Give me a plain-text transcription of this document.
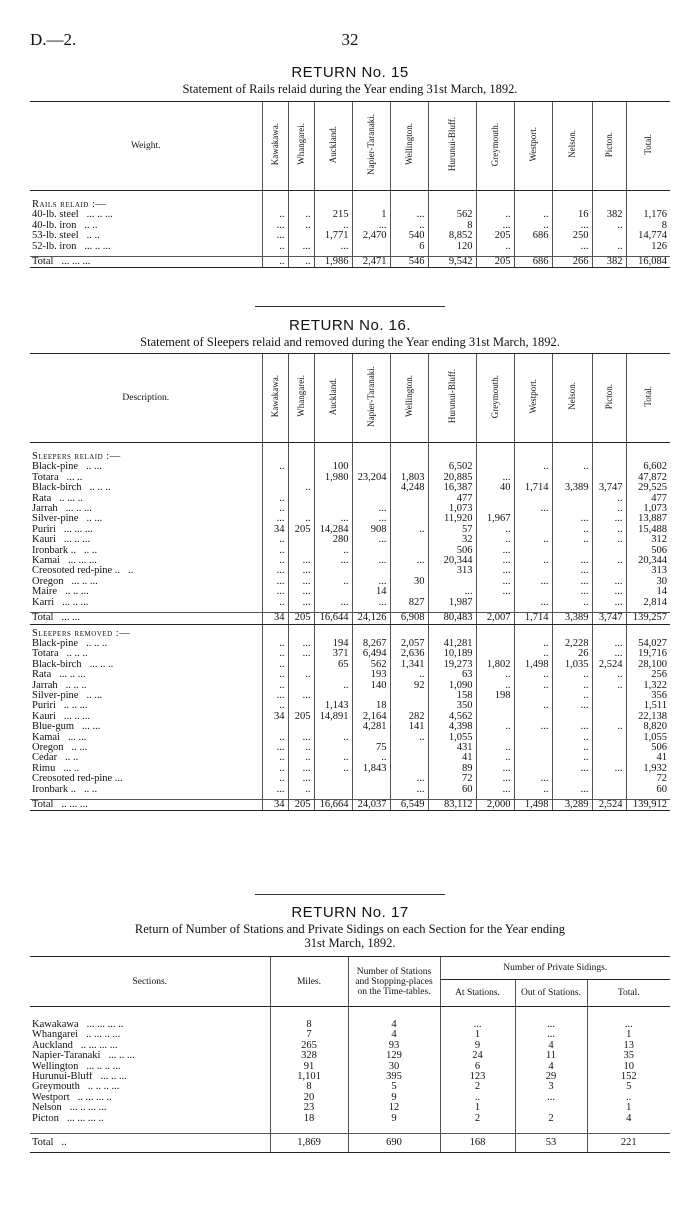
D.—2.	32
RETURN No. 15
Statement of Rails relaid during the Year ending 31st March, 1892.
Weight.	Kawakawa.	Whangarei.	Auckland.	Napier-Taranaki.	Wellington.	Hurunui-Bluff.	Greymouth.	Westport.	Nelson.	Picton.	Total.

Rails relaid :—											
40-lb. steel ... .. ...	..	..	215	1	...	562	..	..	16	382	1,176
40-lb. iron .. ..	...	..	..	...	..	8	...	..	...	..	8
53-lb. steel .. ..	...		1,771	2,470	540	8,852	205	686	250		14,774
52-lb. iron ... .. ...	..	...	...		6	120	..		...	..	126

Total ... ... ...	..	..	1,986	2,471	546	9,542	205	686	266	382	16,084
RETURN No. 16.
Statement of Sleepers relaid and removed during the Year ending 31st March, 1892.
Description.	Kawakawa.	Whangarei.	Auckland.	Napier-Taranaki.	Wellington.	Hurunui-Bluff.	Greymouth.	Westport.	Nelson.	Picton.	Total.

Sleepers relaid :—											
Black-pine .. ...	..		100			6,502		..	..		6,602
Totara ... ..			1,980	23,204	1,803	20,885	...				47,872
Black-birch .. .. ..		..			4,248	16,387	40	1,714	3,389	3,747	29,525
Rata .. ... ..	..					477				..	477
Jarrah ... .. ...	..			...		1,073		...		..	1,073
Silver-pine .. ...	...	..	...	...		11,920	1,967		...	...	13,887
Puriri ... ... ...	34	205	14,284	908	..	57	..		..	..	15,488
Kauri ... .. ...	..		280	...		32	..	..	..	..	312
Ironbark .. .. ..	..		..			506	...				506
Kamai ... ... ...	..	...	...	...	...	20,344	...	..	...	..	20,344
Creosoted red-pine .. ..	...	...				313	...		...		313
Oregon ... .. ...	...	...	..	...	30		...	...	...	...	30
Maire .. .. ...	...	...		14		...	...		...	...	14
Karri ... .. ...	..	...	...	...	827	1,987		...	..	...	2,814

Total ... ...	34	205	16,644	24,126	6,908	80,483	2,007	1,714	3,389	3,747	139,257

Sleepers removed :—											
Black-pine .. .. ..	..	...	194	8,267	2,057	41,281		..	2,228	...	54,027
Totara .. .. ..	..	...	371	6,494	2,636	10,189		..	26	...	19,716
Black-birch ... .. ..	..		65	562	1,341	19,273	1,802	1,498	1,035	2,524	28,100
Rata ... .. ...	..	..		193	..	63	..	..	..	..	256
Jarrah .. .. ..	..		..	140	92	1,090	..	..	..	..	1,322
Silver-pine .. ...	...	...				158	198		..		356
Puriri .. .. ...	..		1,143	18		350		..	...		1,511
Kauri ... .. ...	34	205	14,891	2,164	282	4,562					22,138
Blue-gum ... ...				4,281	141	4,398	..	...	...	..	8,820
Kamai ... ...	..	...	..		..	1,055			..		1,055
Oregon .. ...	...	..		75		431	..		..		506
Cedar .. ..	..	..	..	..		41	..		..		41
Rimu ... ..	..	...	..	1,843		89	...		...	...	1,932
Creosoted red-pine ...	..	...			...	72	...	...			72
Ironbark .. .. ..	...	..			...	60	...	..	...		60

Total .. ... ...	34	205	16,664	24,037	6,549	83,112	2,000	1,498	3,289	2,524	139,912
RETURN No. 17
Return of Number of Stations and Private Sidings on each Section for the Year ending
31st March, 1892.
Sections.	Miles.	Number of Stations and Stopping-places on the Time-tables.	Number of Private Sidings.		
			At Stations.	Out of Stations.	Total.

Kawakawa ... ... ... ..	8	4	...	...	...
Whangarei .. ... .. ...	7	4	1	...	1
Auckland .. ... ... ...	265	93	9	4	13
Napier-Taranaki ... .. ...	328	129	24	11	35
Wellington ... .. .. ...	91	30	6	4	10
Hurunui-Bluff ... .. ...	1,101	395	123	29	152
Greymouth .. .. .. ...	8	5	2	3	5
Westport .. ... ... ..	20	9	..	...	..
Nelson ... .. ... ...	23	12	1		1
Picton ... ... ... ..	18	9	2	2	4

Total ..	1,869	690	168	53	221
